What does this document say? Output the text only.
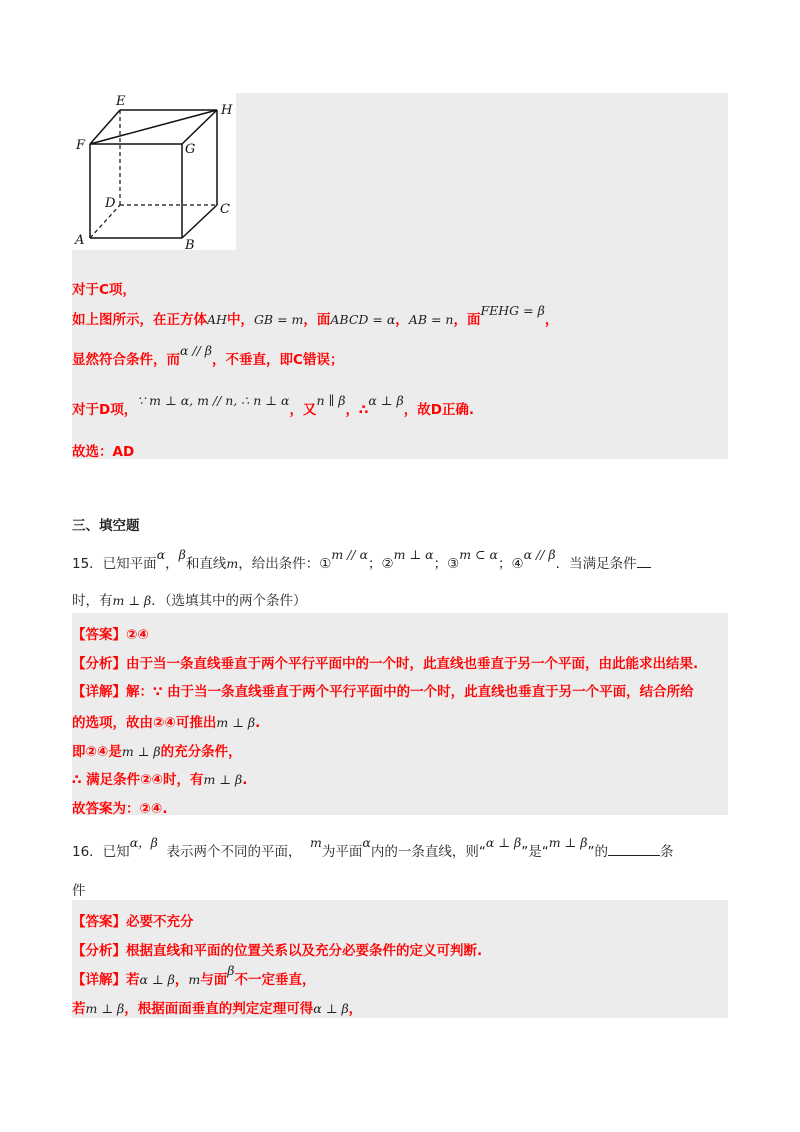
E
H
F	G
D	C
A	B
对于C项，
如上图所示，在正方体AH中，GB = m，面ABCD = α，AB = n，面FEHG = β，
显然符合条件，而α // β，不垂直，即C错误；
对于D项，∵ m ⊥ α, m // n, ∴ n ⊥ α，又n ∥ β，∴α ⊥ β，故D正确.
故选：AD
三、填空题
15．已知平面α，β和直线m，给出条件：①m // α；②m ⊥ α；③m ⊂ α；④α // β．当满足条件
时，有m ⊥ β．（选填其中的两个条件）
【答案】②④
【分析】由于当一条直线垂直于两个平行平面中的一个时，此直线也垂直于另一个平面，由此能求出结果.
【详解】解：∵ 由于当一条直线垂直于两个平行平面中的一个时，此直线也垂直于另一个平面，结合所给
的选项，故由②④可推出m ⊥ β.
即②④是m ⊥ β的充分条件，
∴ 满足条件②④时，有m ⊥ β.
故答案为：②④.
16．已知α，β  表示两个不同的平面，  m为平面α内的一条直线，则“α ⊥ β”是“m ⊥ β”的	条
件
【答案】必要不充分
【分析】根据直线和平面的位置关系以及充分必要条件的定义可判断.
【详解】若α ⊥ β，m与面β不一定垂直，
若m ⊥ β，根据面面垂直的判定定理可得α ⊥ β，
